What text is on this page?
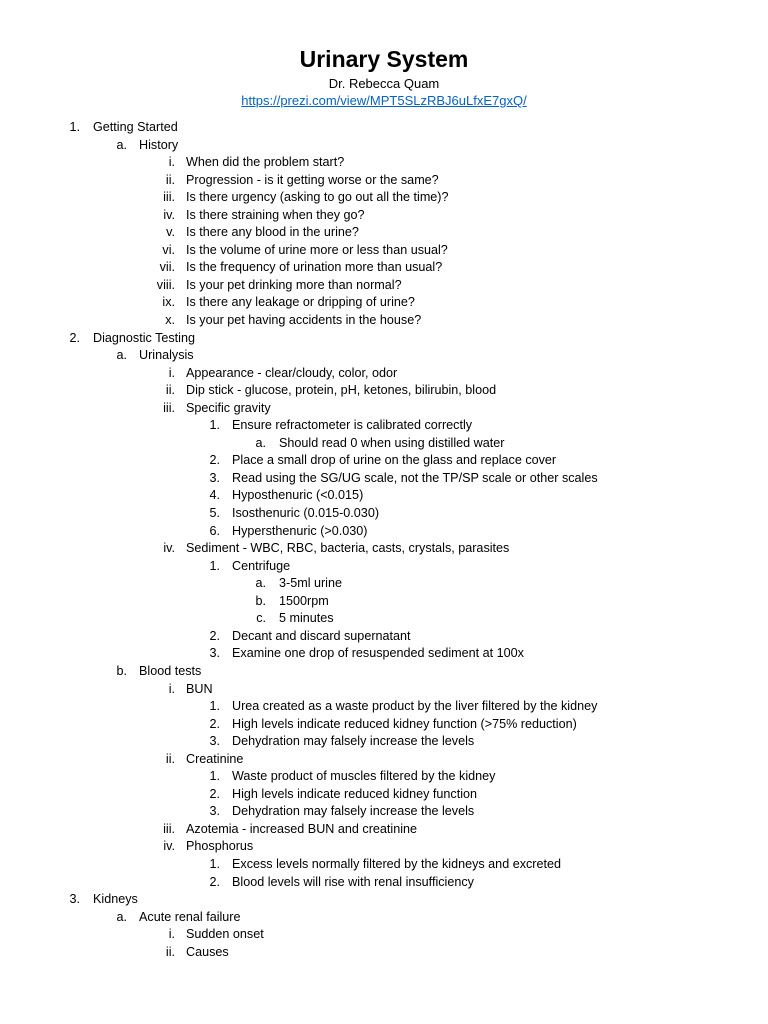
Urinary System
Dr. Rebecca Quam
https://prezi.com/view/MPT5SLzRBJ6uLfxE7gxQ/
1. Getting Started
a. History
i. When did the problem start?
ii. Progression - is it getting worse or the same?
iii. Is there urgency (asking to go out all the time)?
iv. Is there straining when they go?
v. Is there any blood in the urine?
vi. Is the volume of urine more or less than usual?
vii. Is the frequency of urination more than usual?
viii. Is your pet drinking more than normal?
ix. Is there any leakage or dripping of urine?
x. Is your pet having accidents in the house?
2. Diagnostic Testing
a. Urinalysis
i. Appearance - clear/cloudy, color, odor
ii. Dip stick - glucose, protein, pH, ketones, bilirubin, blood
iii. Specific gravity
1. Ensure refractometer is calibrated correctly
a. Should read 0 when using distilled water
2. Place a small drop of urine on the glass and replace cover
3. Read using the SG/UG scale, not the TP/SP scale or other scales
4. Hyposthenuric (<0.015)
5. Isosthenuric (0.015-0.030)
6. Hypersthenuric (>0.030)
iv. Sediment - WBC, RBC, bacteria, casts, crystals, parasites
1. Centrifuge
a. 3-5ml urine
b. 1500rpm
c. 5 minutes
2. Decant and discard supernatant
3. Examine one drop of resuspended sediment at 100x
b. Blood tests
i. BUN
1. Urea created as a waste product by the liver filtered by the kidney
2. High levels indicate reduced kidney function (>75% reduction)
3. Dehydration may falsely increase the levels
ii. Creatinine
1. Waste product of muscles filtered by the kidney
2. High levels indicate reduced kidney function
3. Dehydration may falsely increase the levels
iii. Azotemia - increased BUN and creatinine
iv. Phosphorus
1. Excess levels normally filtered by the kidneys and excreted
2. Blood levels will rise with renal insufficiency
3. Kidneys
a. Acute renal failure
i. Sudden onset
ii. Causes
